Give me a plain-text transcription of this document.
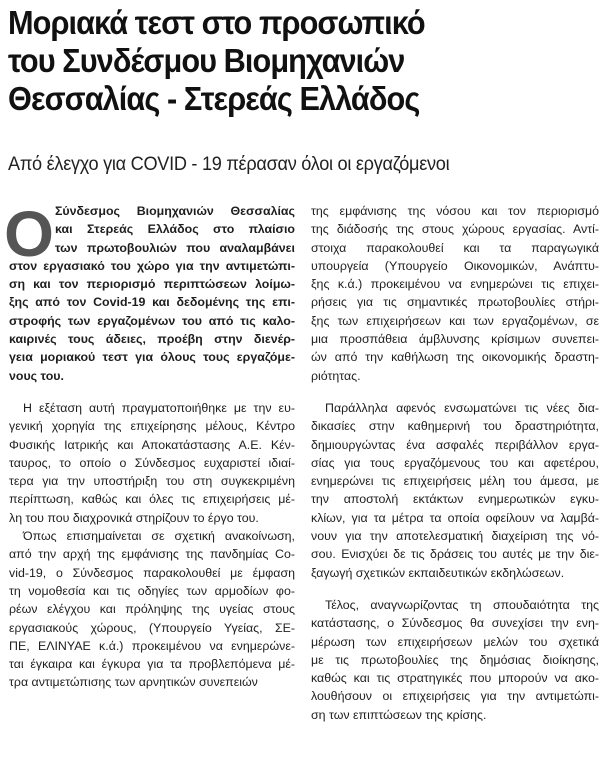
Μοριακά τεστ στο προσωπικό
του Συνδέσμου Βιομηχανιών
Θεσσαλίας - Στερεάς Ελλάδος
Από έλεγχο για COVID - 19 πέρασαν όλοι οι εργαζόμενοι
Ο Σύνδεσμος Βιομηχανιών Θεσσαλίας
και Στερεάς Ελλάδος στο πλαίσιο
των πρωτοβουλιών που αναλαμβάνει
στον εργασιακό του χώρο για την αντιμετώπι-
ση και τον περιορισμό περιπτώσεων λοίμω-
ξης από τον Covid-19 και δεδομένης της επι-
στροφής των εργαζομένων του από τις καλο-
καιρινές τους άδειες, προέβη στην διενέρ-
γεια μοριακού τεστ για όλους τους εργαζόμε-
νους του.
Η εξέταση αυτή πραγματοποιήθηκε με την ευ-
γενική χορηγία της επιχείρησης μέλους, Κέντρο
Φυσικής Ιατρικής και Αποκατάστασης Α.Ε. Κέν-
ταυρος, το οποίο ο Σύνδεσμος ευχαριστεί ιδιαί-
τερα για την υποστήριξη του στη συγκεκριμένη
περίπτωση, καθώς και όλες τις επιχειρήσεις μέ-
λη του που διαχρονικά στηρίζουν το έργο του.
Όπως επισημαίνεται σε σχετική ανακοίνωση,
από την αρχή της εμφάνισης της πανδημίας Co-
vid-19, ο Σύνδεσμος παρακολουθεί με έμφαση
τη νομοθεσία και τις οδηγίες των αρμοδίων φο-
ρέων ελέγχου και πρόληψης της υγείας στους
εργασιακούς χώρους, (Υπουργείο Υγείας, ΣΕ-
ΠΕ, ΕΛΙΝΥΑΕ κ.ά.) προκειμένου να ενημερώνε-
ται έγκαιρα και έγκυρα για τα προβλεπόμενα μέ-
τρα αντιμετώπισης των αρνητικών συνεπειών
της εμφάνισης της νόσου και τον περιορισμό
της διάδοσής της στους χώρους εργασίας. Αντί-
στοιχα παρακολουθεί και τα παραγωγικά
υπουργεία (Υπουργείο Οικονομικών, Ανάπτυ-
ξης κ.ά.) προκειμένου να ενημερώνει τις επιχει-
ρήσεις για τις σημαντικές πρωτοβουλίες στήρι-
ξης των επιχειρήσεων και των εργαζομένων, σε
μια προσπάθεια άμβλυνσης κρίσιμων συνεπει-
ών από την καθήλωση της οικονομικής δραστη-
ριότητας.
Παράλληλα αφενός ενσωματώνει τις νέες δια-
δικασίες στην καθημερινή του δραστηριότητα,
δημιουργώντας ένα ασφαλές περιβάλλον εργα-
σίας για τους εργαζόμενους του και αφετέρου,
ενημερώνει τις επιχειρήσεις μέλη του άμεσα, με
την αποστολή εκτάκτων ενημερωτικών εγκυ-
κλίων, για τα μέτρα τα οποία οφείλουν να λαμβά-
νουν για την αποτελεσματική διαχείριση της νό-
σου. Ενισχύει δε τις δράσεις του αυτές με την διε-
ξαγωγή σχετικών εκπαιδευτικών εκδηλώσεων.
Τέλος, αναγνωρίζοντας τη σπουδαιότητα της
κατάστασης, ο Σύνδεσμος θα συνεχίσει την ενη-
μέρωση των επιχειρήσεων μελών του σχετικά
με τις πρωτοβουλίες της δημόσιας διοίκησης,
καθώς και τις στρατηγικές που μπορούν να ακο-
λουθήσουν οι επιχειρήσεις για την αντιμετώπι-
ση των επιπτώσεων της κρίσης.
